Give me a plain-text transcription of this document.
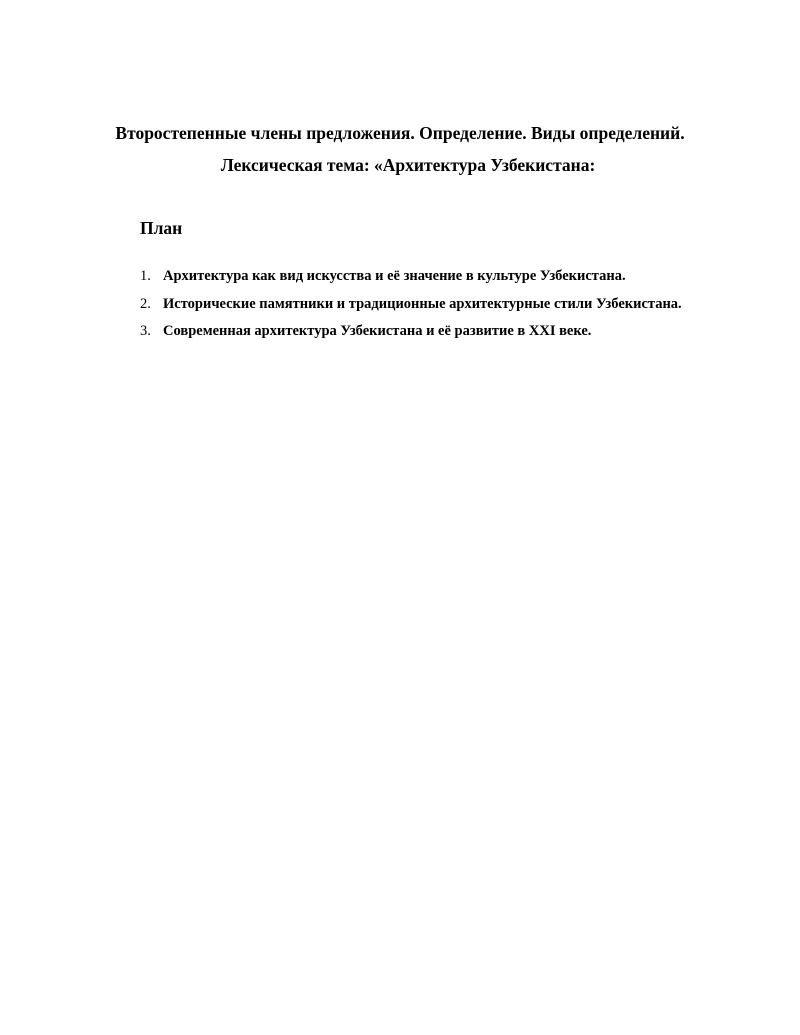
Второстепенные члены предложения. Определение. Виды определений.
Лексическая тема: «Архитектура Узбекистана:
План
1. Архитектура как вид искусства и её значение в культуре Узбекистана.
2. Исторические памятники и традиционные архитектурные стили Узбекистана.
3. Современная архитектура Узбекистана и её развитие в XXI веке.
